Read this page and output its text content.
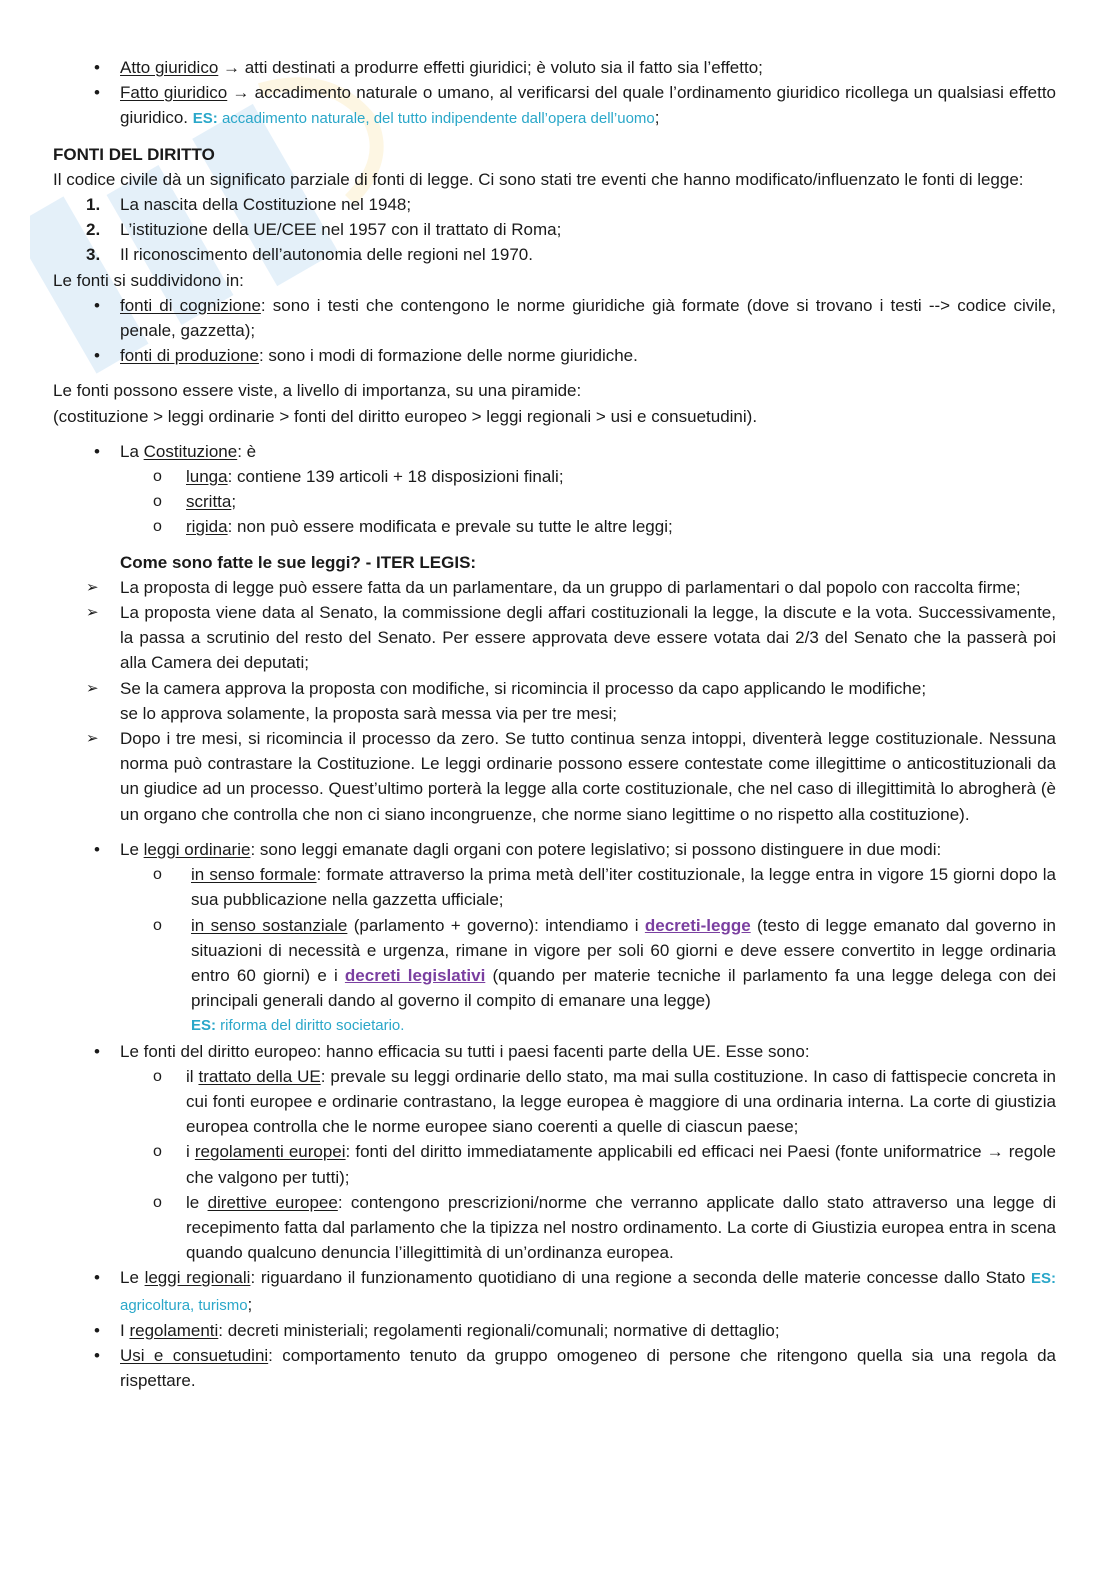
•	Atto giuridico → atti destinati a produrre effetti giuridici; è voluto sia il fatto sia l’effetto;
•	Fatto giuridico → accadimento naturale o umano, al verificarsi del quale l’ordinamento giuridico ricollega un qualsiasi effetto giuridico. ES: accadimento naturale, del tutto indipendente dall’opera dell’uomo;
FONTI DEL DIRITTO
Il codice civile dà un significato parziale di fonti di legge. Ci sono stati tre eventi che hanno modificato/influenzato le fonti di legge:
1. La nascita della Costituzione nel 1948;
2. L’istituzione della UE/CEE nel 1957 con il trattato di Roma;
3. Il riconoscimento dell’autonomia delle regioni nel 1970.
Le fonti si suddividono in:
•	fonti di cognizione: sono i testi che contengono le norme giuridiche già formate (dove si trovano i testi --> codice civile, penale, gazzetta);
•	fonti di produzione: sono i modi di formazione delle norme giuridiche.
Le fonti possono essere viste, a livello di importanza, su una piramide:
(costituzione > leggi ordinarie > fonti del diritto europeo > leggi regionali > usi e consuetudini).
•	La Costituzione: è
o lunga: contiene 139 articoli + 18 disposizioni finali;
o scritta;
o rigida: non può essere modificata e prevale su tutte le altre leggi;
Come sono fatte le sue leggi? - ITER LEGIS:
➢ La proposta di legge può essere fatta da un parlamentare, da un gruppo di parlamentari o dal popolo con raccolta firme;
➢ La proposta viene data al Senato, la commissione degli affari costituzionali la legge, la discute e la vota. Successivamente, la passa a scrutinio del resto del Senato. Per essere approvata deve essere votata dai 2/3 del Senato che la passerà poi alla Camera dei deputati;
➢ Se la camera approva la proposta con modifiche, si ricomincia il processo da capo applicando le modifiche;
se lo approva solamente, la proposta sarà messa via per tre mesi;
➢ Dopo i tre mesi, si ricomincia il processo da zero. Se tutto continua senza intoppi, diventerà legge costituzionale. Nessuna norma può contrastare la Costituzione. Le leggi ordinarie possono essere contestate come illegittime o anticostituzionali da un giudice ad un processo. Quest’ultimo porterà la legge alla corte costituzionale, che nel caso di illegittimità lo abrogherà (è un organo che controlla che non ci siano incongruenze, che norme siano legittime o no rispetto alla costituzione).
•	Le leggi ordinarie: sono leggi emanate dagli organi con potere legislativo; si possono distinguere in due modi:
o in senso formale: formate attraverso la prima metà dell’iter costituzionale, la legge entra in vigore 15 giorni dopo la sua pubblicazione nella gazzetta ufficiale;
o in senso sostanziale (parlamento + governo): intendiamo i decreti-legge (testo di legge emanato dal governo in situazioni di necessità e urgenza, rimane in vigore per soli 60 giorni e deve essere convertito in legge ordinaria entro 60 giorni) e i decreti legislativi (quando per materie tecniche il parlamento fa una legge delega con dei principali generali dando al governo il compito di emanare una legge)
ES: riforma del diritto societario.
•	Le fonti del diritto europeo: hanno efficacia su tutti i paesi facenti parte della UE. Esse sono:
o il trattato della UE: prevale su leggi ordinarie dello stato, ma mai sulla costituzione. In caso di fattispecie concreta in cui fonti europee e ordinarie contrastano, la legge europea è maggiore di una ordinaria interna. La corte di giustizia europea controlla che le norme europee siano coerenti a quelle di ciascun paese;
o i regolamenti europei: fonti del diritto immediatamente applicabili ed efficaci nei Paesi (fonte uniformatrice → regole che valgono per tutti);
o le direttive europee: contengono prescrizioni/norme che verranno applicate dallo stato attraverso una legge di recepimento fatta dal parlamento che la tipizza nel nostro ordinamento. La corte di Giustizia europea entra in scena quando qualcuno denuncia l’illegittimità di un’ordinanza europea.
•	Le leggi regionali: riguardano il funzionamento quotidiano di una regione a seconda delle materie concesse dallo Stato ES: agricoltura, turismo;
•	I regolamenti: decreti ministeriali; regolamenti regionali/comunali; normative di dettaglio;
•	Usi e consuetudini: comportamento tenuto da gruppo omogeneo di persone che ritengono quella sia una regola da rispettare.
